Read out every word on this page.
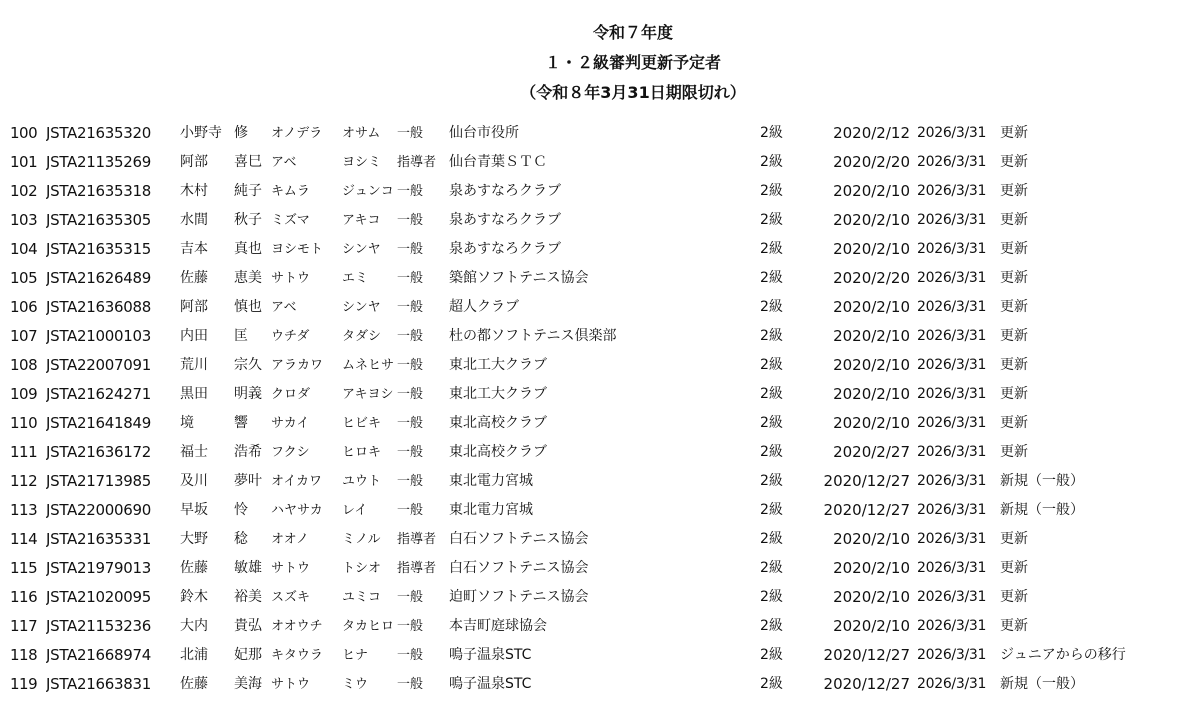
令和７年度
１・２級審判更新予定者
（令和８年3月31日期限切れ）
100 JSTA21635320	小野寺 修	オノデラ	オサム	一般	仙台市役所	2級	2020/2/12 2026/3/31 更新
101 JSTA21135269	阿部	喜巳 アベ	ヨシミ	指導者 仙台青葉ＳＴＣ	2級	2020/2/20 2026/3/31 更新
102 JSTA21635318	木村	純子 キムラ	ジュンコ 一般	泉あすなろクラブ	2級	2020/2/10 2026/3/31 更新
103 JSTA21635305	水間	秋子 ミズマ	アキコ	一般	泉あすなろクラブ	2級	2020/2/10 2026/3/31 更新
104 JSTA21635315	吉本	真也 ヨシモト	シンヤ	一般	泉あすなろクラブ	2級	2020/2/10 2026/3/31 更新
105 JSTA21626489	佐藤	恵美 サトウ	エミ	一般	築館ソフトテニス協会	2級	2020/2/20 2026/3/31 更新
106 JSTA21636088	阿部	慎也 アベ	シンヤ	一般	超人クラブ	2級	2020/2/10 2026/3/31 更新
107 JSTA21000103	内田	匡	ウチダ	タダシ	一般	杜の都ソフトテニス倶楽部	2級	2020/2/10 2026/3/31 更新
108 JSTA22007091	荒川	宗久 アラカワ	ムネヒサ 一般	東北工大クラブ	2級	2020/2/10 2026/3/31 更新
109 JSTA21624271	黒田	明義 クロダ	アキヨシ 一般	東北工大クラブ	2級	2020/2/10 2026/3/31 更新
110 JSTA21641849	境	響	サカイ	ヒビキ	一般	東北高校クラブ	2級	2020/2/10 2026/3/31 更新
111 JSTA21636172	福士	浩希 フクシ	ヒロキ	一般	東北高校クラブ	2級	2020/2/27 2026/3/31 更新
112 JSTA21713985	及川	夢叶 オイカワ	ユウト	一般	東北電力宮城	2級	2020/12/27 2026/3/31 新規（一般）
113 JSTA22000690	早坂	怜	ハヤサカ	レイ	一般	東北電力宮城	2級	2020/12/27 2026/3/31 新規（一般）
114 JSTA21635331	大野	稔	オオノ	ミノル	指導者 白石ソフトテニス協会	2級	2020/2/10 2026/3/31 更新
115 JSTA21979013	佐藤	敏雄 サトウ	トシオ	指導者 白石ソフトテニス協会	2級	2020/2/10 2026/3/31 更新
116 JSTA21020095	鈴木	裕美 スズキ	ユミコ	一般	迫町ソフトテニス協会	2級	2020/2/10 2026/3/31 更新
117 JSTA21153236	大内	貴弘 オオウチ	タカヒロ 一般	本吉町庭球協会	2級	2020/2/10 2026/3/31 更新
118 JSTA21668974	北浦	妃那 キタウラ	ヒナ	一般	鳴子温泉STC	2級	2020/12/27 2026/3/31 ジュニアからの移行
119 JSTA21663831	佐藤	美海 サトウ	ミウ	一般	鳴子温泉STC	2級	2020/12/27 2026/3/31 新規（一般）
